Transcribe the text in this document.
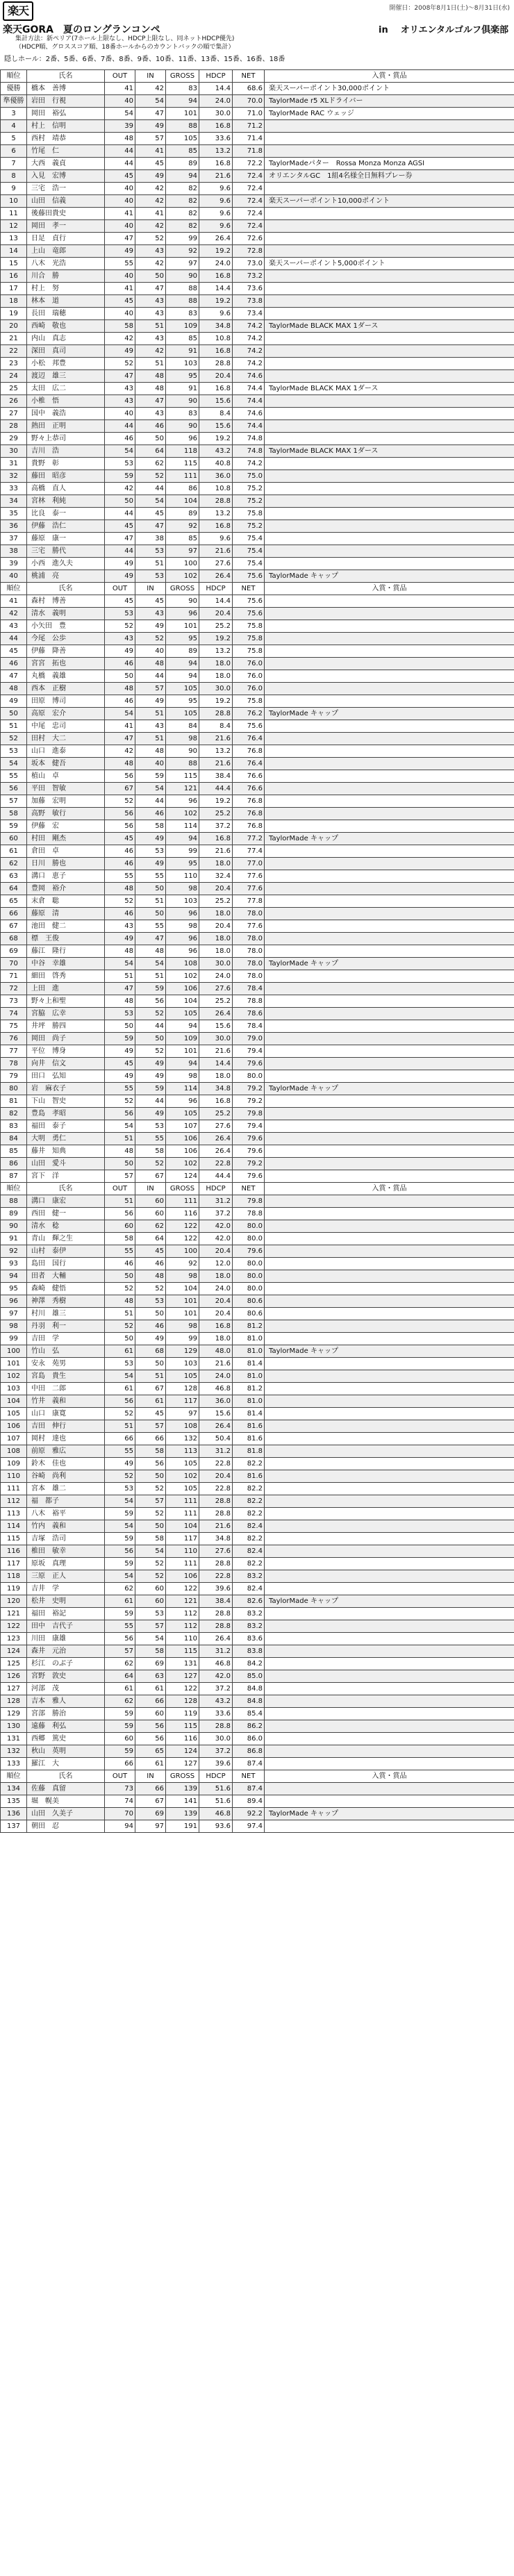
楽天	開催日：2008年8月1日(土)〜8月31日(水)
楽天GORA　夏のロングランコンペ	in オリエンタルゴルフ倶楽部
集計方法：新ペリア(7ホール上限なし、HDCP上限なし、同ネットHDCP優先)
（HDCP順、グロススコア順、18番ホールからのカウントバックの順で集計）
隠しホール：2番、5番、6番、7番、8番、9番、10番、11番、13番、15番、16番、18番
順位	氏名	OUT	IN	GROSS	HDCP	NET	入賞・賞品
優勝	橋本　善博	41	42	83	14.4	68.6	楽天スーパーポイント30,000ポイント
準優勝	岩田　行視	40	54	94	24.0	70.0	TaylorMade r5 XLドライバー
3	岡田　裕弘	54	47	101	30.0	71.0	TaylorMade RAC ウェッジ
4	村上　信明	39	49	88	16.8	71.2	
5	西村　靖恭	48	57	105	33.6	71.4	
6	竹尾　仁	44	41	85	13.2	71.8	
7	大西　義貞	44	45	89	16.8	72.2	TaylorMadeパター　Rossa Monza Monza AGSI
8	入見　宏博	45	49	94	21.6	72.4	オリエンタルGC　1組4名様全日無料プレー券
9	三宅　浩一	40	42	82	9.6	72.4	
10	山田　信義	40	42	82	9.6	72.4	楽天スーパーポイント10,000ポイント
11	後藤田貴史	41	41	82	9.6	72.4	
12	岡田　孝一	40	42	82	9.6	72.4	
13	日足　貞行	47	52	99	26.4	72.6	
14	上山　竜郎	49	43	92	19.2	72.8	
15	八木　光浩	55	42	97	24.0	73.0	楽天スーパーポイント5,000ポイント
16	川合　勝	40	50	90	16.8	73.2	
17	村上　努	41	47	88	14.4	73.6	
18	林本　道	45	43	88	19.2	73.8	
19	長田　瑞穂	40	43	83	9.6	73.4	
20	西崎　敬也	58	51	109	34.8	74.2	TaylorMade BLACK MAX 1ダース
21	内山　真志	42	43	85	10.8	74.2	
22	深田　真司	49	42	91	16.8	74.2	
23	小松　邦豊	52	51	103	28.8	74.2	
24	渡辺　雄三	47	48	95	20.4	74.6	
25	太田　広二	43	48	91	16.8	74.4	TaylorMade BLACK MAX 1ダース
26	小椎　悟	43	47	90	15.6	74.4	
27	国中　義浩	40	43	83	8.4	74.6	
28	熱田　正明	44	46	90	15.6	74.4	
29	野々上恭司	46	50	96	19.2	74.8	
30	吉川　浩	54	64	118	43.2	74.8	TaylorMade BLACK MAX 1ダース
31	貴野　彰	53	62	115	40.8	74.2	
32	藤田　昭彦	59	52	111	36.0	75.0	
33	高橋　直人	42	44	86	10.8	75.2	
34	宮林　利純	50	54	104	28.8	75.2	
35	比良　泰一	44	45	89	13.2	75.8	
36	伊藤　浩仁	45	47	92	16.8	75.2	
37	藤原　康一	47	38	85	9.6	75.4	
38	三宅　勝代	44	53	97	21.6	75.4	
39	小西　進久夫	49	51	100	27.6	75.4	
40	桃浦　亮	49	53	102	26.4	75.6	TaylorMade キャップ
順位	氏名	OUT	IN	GROSS	HDCP	NET	入賞・賞品
41	森村　博善	45	45	90	14.4	75.6	
42	清水　義明	53	43	96	20.4	75.6	
43	小矢田　豊	52	49	101	25.2	75.8	
44	今尾　公歩	43	52	95	19.2	75.8	
45	伊藤　降善	49	40	89	13.2	75.8	
46	宮宮　拓也	46	48	94	18.0	76.0	
47	丸橋　義雄	50	44	94	18.0	76.0	
48	西本　正樹	48	57	105	30.0	76.0	
49	田原　博司	46	49	95	19.2	75.8	
50	高原　宏介	54	51	105	28.8	76.2	TaylorMade キャップ
51	中尾　忠司	41	43	84	8.4	75.6	
52	田村　大二	47	51	98	21.6	76.4	
53	山口　進泰	42	48	90	13.2	76.8	
54	坂本　健吾	48	40	88	21.6	76.4	
55	植山　卓	56	59	115	38.4	76.6	
56	平田　智敏	67	54	121	44.4	76.6	
57	加藤　宏明	52	44	96	19.2	76.8	
58	高野　敏行	56	46	102	25.2	76.8	
59	伊藤　宏	56	58	114	37.2	76.8	
60	村田　剛杰	45	49	94	16.8	77.2	TaylorMade キャップ
61	倉田　卓	46	53	99	21.6	77.4	
62	日川　勝也	46	49	95	18.0	77.0	
63	溝口　恵子	55	55	110	32.4	77.6	
64	豊岡　裕介	48	50	98	20.4	77.6	
65	末倉　聡	52	51	103	25.2	77.8	
66	藤原　清	46	50	96	18.0	78.0	
67	池田　健二	43	55	98	20.4	77.6	
68	標　王俊	49	47	96	18.0	78.0	
69	藤江　隆行	48	48	96	18.0	78.0	
70	中谷　幸雄	54	54	108	30.0	78.0	TaylorMade キャップ
71	細田　啓秀	51	51	102	24.0	78.0	
72	上田　進	47	59	106	27.6	78.4	
73	野々上和聖	48	56	104	25.2	78.8	
74	宮脇　広幸	53	52	105	26.4	78.6	
75	井坪　勝四	50	44	94	15.6	78.4	
76	岡田　尚子	59	50	109	30.0	79.0	
77	平位　博身	49	52	101	21.6	79.4	
78	向井　信文	45	49	94	14.4	79.6	
79	田口　弘知	49	49	98	18.0	80.0	
80	岩　麻衣子	55	59	114	34.8	79.2	TaylorMade キャップ
81	下山　智史	52	44	96	16.8	79.2	
82	豊島　孝昭	56	49	105	25.2	79.8	
83	福田　泰子	54	53	107	27.6	79.4	
84	大明　勇仁	51	55	106	26.4	79.6	
85	藤井　知典	48	58	106	26.4	79.6	
86	山田　愛斗	50	52	102	22.8	79.2	
87	宮下　洋	57	67	124	44.4	79.6	
順位	氏名	OUT	IN	GROSS	HDCP	NET	入賞・賞品
88	溝口　康宏	51	60	111	31.2	79.8	
89	西田　健一	56	60	116	37.2	78.8	
90	清水　稔	60	62	122	42.0	80.0	
91	青山　輝之生	58	64	122	42.0	80.0	
92	山村　泰伊	55	45	100	20.4	79.6	
93	島田　国行	46	46	92	12.0	80.0	
94	田者　大輔	50	48	98	18.0	80.0	
95	森崎　健悟	52	52	104	24.0	80.0	
96	神澤　秀樹	48	53	101	20.4	80.6	
97	村川　雄三	51	50	101	20.4	80.6	
98	丹羽　利一	52	46	98	16.8	81.2	
99	吉田　学	50	49	99	18.0	81.0	
100	竹山　弘	61	68	129	48.0	81.0	TaylorMade キャップ
101	安永　苑男	53	50	103	21.6	81.4	
102	宮島　貴生	54	51	105	24.0	81.0	
103	中田　二郎	61	67	128	46.8	81.2	
104	竹井　義和	56	61	117	36.0	81.0	
105	山口　康寛	52	45	97	15.6	81.4	
106	吉田　伸行	51	57	108	26.4	81.6	
107	岡村　達也	66	66	132	50.4	81.6	
108	前原　雅広	55	58	113	31.2	81.8	
109	鈴木　佳也	49	56	105	22.8	82.2	
110	谷崎　尚利	52	50	102	20.4	81.6	
111	宮本　雄二	53	52	105	22.8	82.2	
112	福　都子	54	57	111	28.8	82.2	
113	八木　裕平	59	52	111	28.8	82.2	
114	竹内　義和	54	50	104	21.6	82.4	
115	吉塚　浩司	59	58	117	34.8	82.2	
116	椎田　敏幸	56	54	110	27.6	82.4	
117	原坂　真理	59	52	111	28.8	82.2	
118	三原　正人	54	52	106	22.8	83.2	
119	吉井　学	62	60	122	39.6	82.4	
120	松井　史明	61	60	121	38.4	82.6	TaylorMade キャップ
121	福田　裕記	59	53	112	28.8	83.2	
122	田中　吉代子	55	57	112	28.8	83.2	
123	川田　康雄	56	54	110	26.4	83.6	
124	森井　元治	57	58	115	31.2	83.8	
125	杉江　のぶ子	62	69	131	46.8	84.2	
126	宮野　敦史	64	63	127	42.0	85.0	
127	河部　茂	61	61	122	37.2	84.8	
128	吉本　雅人	62	66	128	43.2	84.8	
129	宮部　勝治	59	60	119	33.6	85.4	
130	遠藤　利弘	59	56	115	28.8	86.2	
131	西郷　篤史	60	56	116	30.0	86.0	
132	秋山　英明	59	65	124	37.2	86.8	
133	羅江　大	66	61	127	39.6	87.4	
順位	氏名	OUT	IN	GROSS	HDCP	NET	入賞・賞品
134	佐藤　真留	73	66	139	51.6	87.4	
135	堀　幌美	74	67	141	51.6	89.4	
136	山田　久美子	70	69	139	46.8	92.2	TaylorMade キャップ
137	朝田　忍	94	97	191	93.6	97.4	
